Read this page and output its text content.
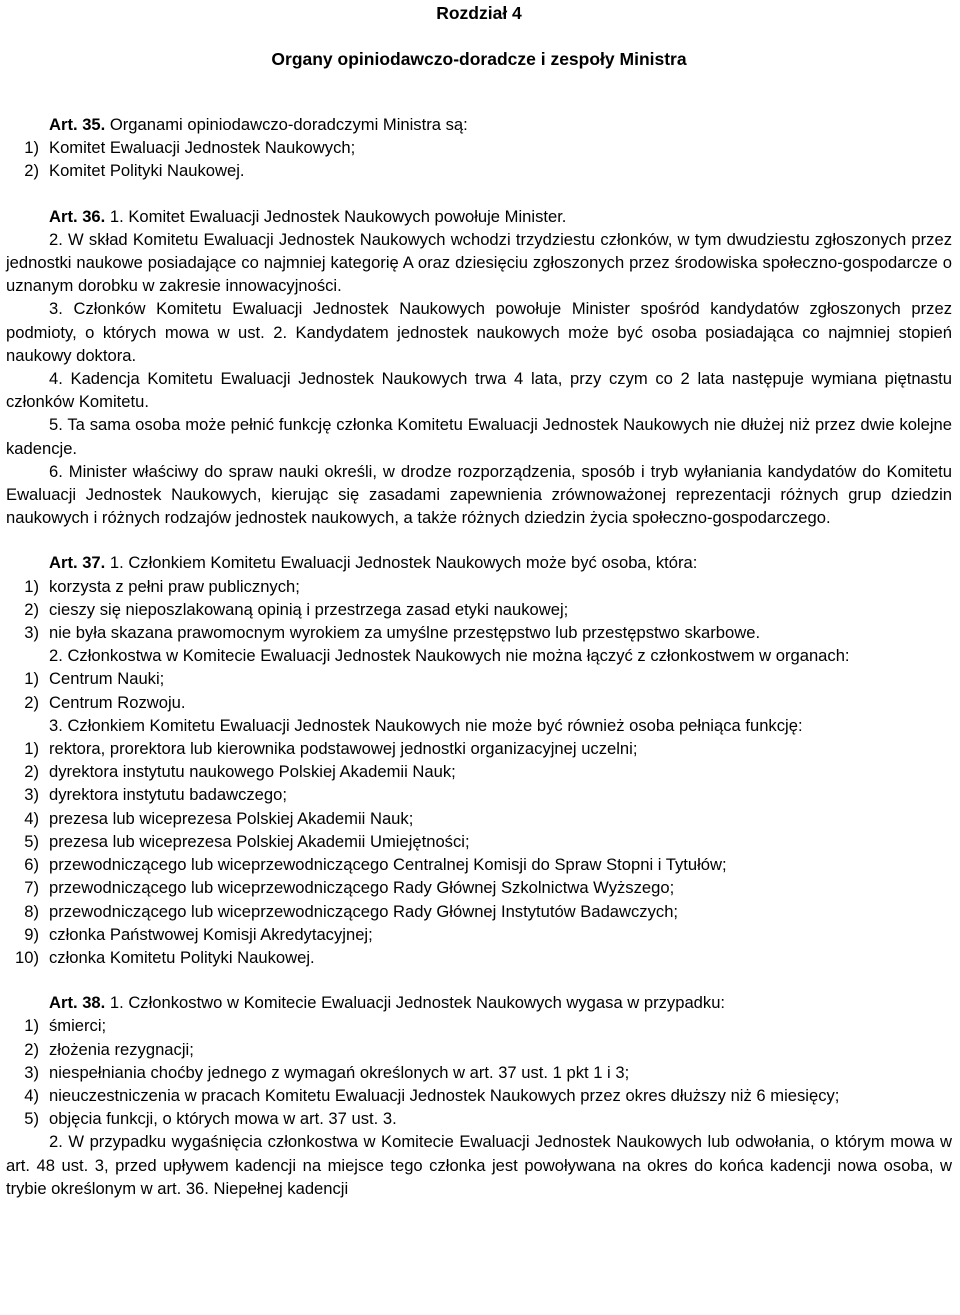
Rozdział 4
Organy opiniodawczo-doradcze i zespoły Ministra

Art. 35. Organami opiniodawczo-doradczymi Ministra są:

1) Komitet Ewaluacji Jednostek Naukowych;
2) Komitet Polityki Naukowej.

Art. 36. 1. Komitet Ewaluacji Jednostek Naukowych powołuje Minister.

2. W skład Komitetu Ewaluacji Jednostek Naukowych wchodzi trzydziestu członków, w tym dwudziestu zgłoszonych przez jednostki naukowe posiadające co najmniej kategorię A oraz dziesięciu zgłoszonych przez środowiska społeczno-gospodarcze o uznanym dorobku w zakresie innowacyjności.

3. Członków Komitetu Ewaluacji Jednostek Naukowych powołuje Minister spośród kandydatów zgłoszonych przez podmioty, o których mowa w ust. 2. Kandydatem jednostek naukowych może być osoba posiadająca co najmniej stopień naukowy doktora.

4. Kadencja Komitetu Ewaluacji Jednostek Naukowych trwa 4 lata, przy czym co 2 lata następuje wymiana piętnastu członków Komitetu.

5. Ta sama osoba może pełnić funkcję członka Komitetu Ewaluacji Jednostek Naukowych nie dłużej niż przez dwie kolejne kadencje.

6. Minister właściwy do spraw nauki określi, w drodze rozporządzenia, sposób i tryb wyłaniania kandydatów do Komitetu Ewaluacji Jednostek Naukowych, kierując się zasadami zapewnienia zrównoważonej reprezentacji różnych grup dziedzin naukowych i różnych rodzajów jednostek naukowych, a także różnych dziedzin życia społeczno-gospodarczego.

Art. 37. 1. Członkiem Komitetu Ewaluacji Jednostek Naukowych może być osoba, która:

1) korzysta z pełni praw publicznych;
2) cieszy się nieposzlakowaną opinią i przestrzega zasad etyki naukowej;
3) nie była skazana prawomocnym wyrokiem za umyślne przestępstwo lub przestępstwo skarbowe.

2. Członkostwa w Komitecie Ewaluacji Jednostek Naukowych nie można łączyć z członkostwem w organach:

1) Centrum Nauki;
2) Centrum Rozwoju.

3. Członkiem Komitetu Ewaluacji Jednostek Naukowych nie może być również osoba pełniąca funkcję:

1) rektora, prorektora lub kierownika podstawowej jednostki organizacyjnej uczelni;
2) dyrektora instytutu naukowego Polskiej Akademii Nauk;
3) dyrektora instytutu badawczego;
4) prezesa lub wiceprezesa Polskiej Akademii Nauk;
5) prezesa lub wiceprezesa Polskiej Akademii Umiejętności;
6) przewodniczącego lub wiceprzewodniczącego Centralnej Komisji do Spraw Stopni i Tytułów;
7) przewodniczącego lub wiceprzewodniczącego Rady Głównej Szkolnictwa Wyższego;
8) przewodniczącego lub wiceprzewodniczącego Rady Głównej Instytutów Badawczych;
9) członka Państwowej Komisji Akredytacyjnej;
10) członka Komitetu Polityki Naukowej.

Art. 38. 1. Członkostwo w Komitecie Ewaluacji Jednostek Naukowych wygasa w przypadku:

1) śmierci;
2) złożenia rezygnacji;
3) niespełniania choćby jednego z wymagań określonych w art. 37 ust. 1 pkt 1 i 3;
4) nieuczestniczenia w pracach Komitetu Ewaluacji Jednostek Naukowych przez okres dłuższy niż 6 miesięcy;
5) objęcia funkcji, o których mowa w art. 37 ust. 3.

2. W przypadku wygaśnięcia członkostwa w Komitecie Ewaluacji Jednostek Naukowych lub odwołania, o którym mowa w art. 48 ust. 3, przed upływem kadencji na miejsce tego członka jest powoływana na okres do końca kadencji nowa osoba, w trybie określonym w art. 36. Niepełnej kadencji
